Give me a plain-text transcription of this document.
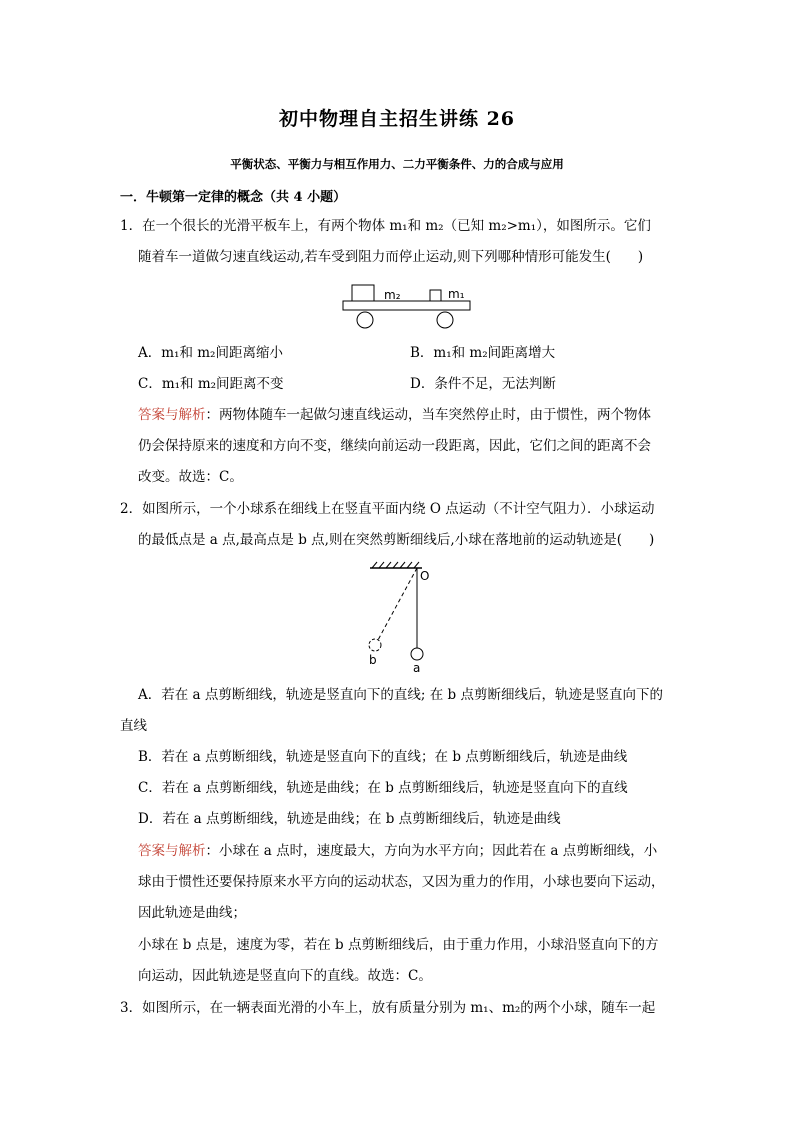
初中物理自主招生讲练 26
平衡状态、平衡力与相互作用力、二力平衡条件、力的合成与应用
一．牛顿第一定律的概念（共 4 小题）
1．在一个很长的光滑平板车上，有两个物体 m₁和 m₂（已知 m₂>m₁），如图所示。它们
随着车一道做匀速直线运动,若车受到阻力而停止运动,则下列哪种情形可能发生(　　)
m₂	m₁
A．m₁和 m₂间距离缩小	B．m₁和 m₂间距离增大
C．m₁和 m₂间距离不变	D．条件不足，无法判断
答案与解析：两物体随车一起做匀速直线运动，当车突然停止时，由于惯性，两个物体
仍会保持原来的速度和方向不变，继续向前运动一段距离，因此，它们之间的距离不会
改变。故选：C。
2．如图所示，一个小球系在细线上在竖直平面内绕 O 点运动（不计空气阻力）．小球运动
的最低点是 a 点,最高点是 b 点,则在突然剪断细线后,小球在落地前的运动轨迹是(　　)
O
a
b
A．若在 a 点剪断细线，轨迹是竖直向下的直线; 在 b 点剪断细线后，轨迹是竖直向下的
直线
B．若在 a 点剪断细线，轨迹是竖直向下的直线；在 b 点剪断细线后，轨迹是曲线
C．若在 a 点剪断细线，轨迹是曲线；在 b 点剪断细线后，轨迹是竖直向下的直线
D．若在 a 点剪断细线，轨迹是曲线；在 b 点剪断细线后，轨迹是曲线
答案与解析：小球在 a 点时，速度最大，方向为水平方向；因此若在 a 点剪断细线，小
球由于惯性还要保持原来水平方向的运动状态，又因为重力的作用，小球也要向下运动，
因此轨迹是曲线；
小球在 b 点是，速度为零，若在 b 点剪断细线后，由于重力作用，小球沿竖直向下的方
向运动，因此轨迹是竖直向下的直线。故选：C。
3．如图所示，在一辆表面光滑的小车上，放有质量分别为 m₁、m₂的两个小球，随车一起
